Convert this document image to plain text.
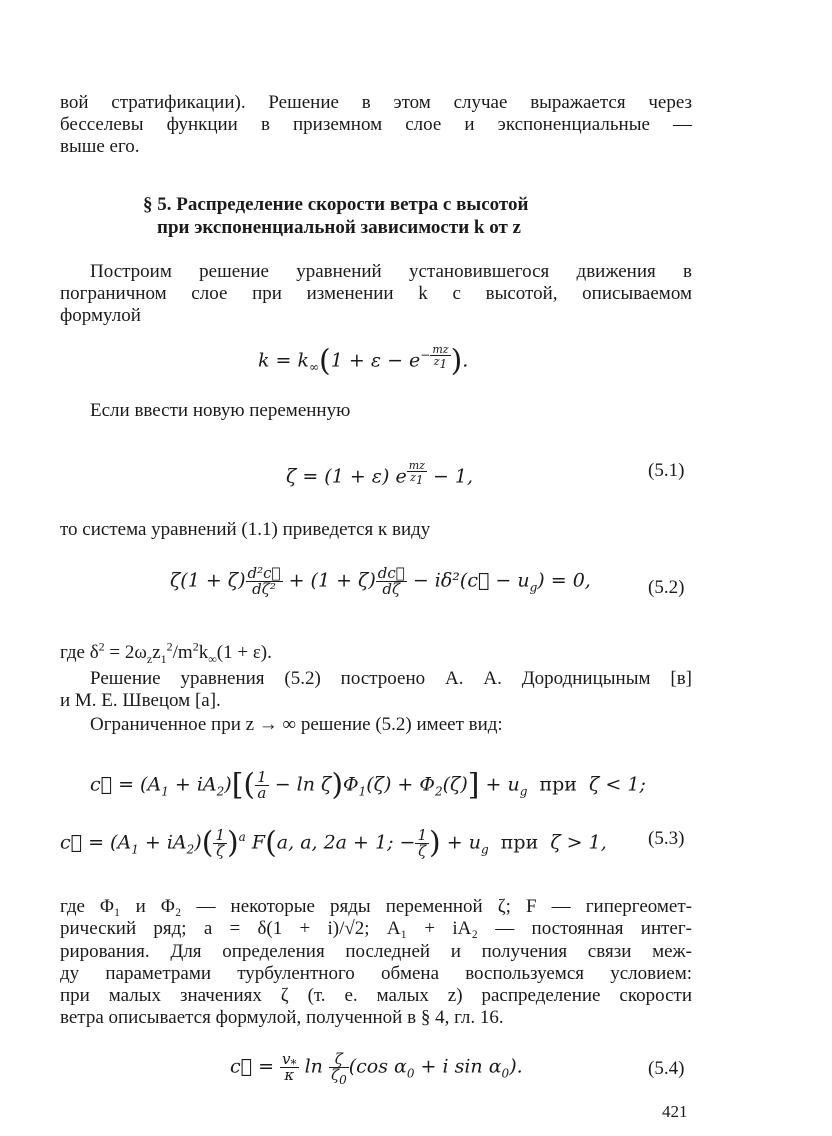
вой стратификации). Решение в этом случае выражается через
бесселевы функции в приземном слое и экспоненциальные —
выше его.
§ 5. Распределение скорости ветра с высотой
при экспоненциальной зависимости k от z
Построим решение уравнений установившегося движения в
пограничном слое при изменении k с высотой, описываемом
формулой
$k = k_\infty(1 + \varepsilon - e^{- \frac{mz}{z_1}}$ ).
Если ввести новую переменную
ζ = (1 + ε) e $^{\frac{mz}{z_1}}$ − 1,	(5.1)
то система уравнений (1.1) приведется к виду
$\zeta(1 + \zeta) \frac{\text{d²c⃗}}{\text{dζ²}} + (1 + \zeta) \frac{dc⃗}{d\zeta}$ − iδ²(c⃗ − $u_g) = 0$,	(5.2)
где $\delta^2 = 2\omega_zz_1^2/m^2k_\infty(1 + \varepsilon)$.
Решение уравнения (5.2) построено А. А. Дородницыным [в]
и М. Е. Швецом [а].
Ограниченное при z → ∞ решение (5.2) имеет вид:
c⃗ = $(A_1 + iA_2)[( \frac{1}{a} - \ln \zeta)\Phi_1(\zeta) + \Phi_2(\zeta)] + u_g$  при  ζ < 1;
c⃗ = $(A_1 + iA_2)( \frac{1}{\zeta} )^a$ F(a, a, 2a + 1; − $\frac{1}{\zeta}$ ) + $u_g$  при  ζ > 1, (5.3)
где Φ₁ и Φ₂ — некоторые ряды переменной ζ; F — гипергеомет-
рический ряд; a = δ(1 + i)/√2; A₁ + iA₂ — постоянная интег-
рирования. Для определения последней и получения связи меж-
ду параметрами турбулентного обмена воспользуемся условием:
при малых значениях ζ (т. е. малых z) распределение скорости
ветра описывается формулой, полученной в § 4, гл. 16.
c⃗ = $\frac{v_*}{\kappa}$ $\ln \frac{\zeta}{\zeta_0} (\cos$ $\alpha_0 + i$ $\sin \alpha_0$).	(5.4)
421
